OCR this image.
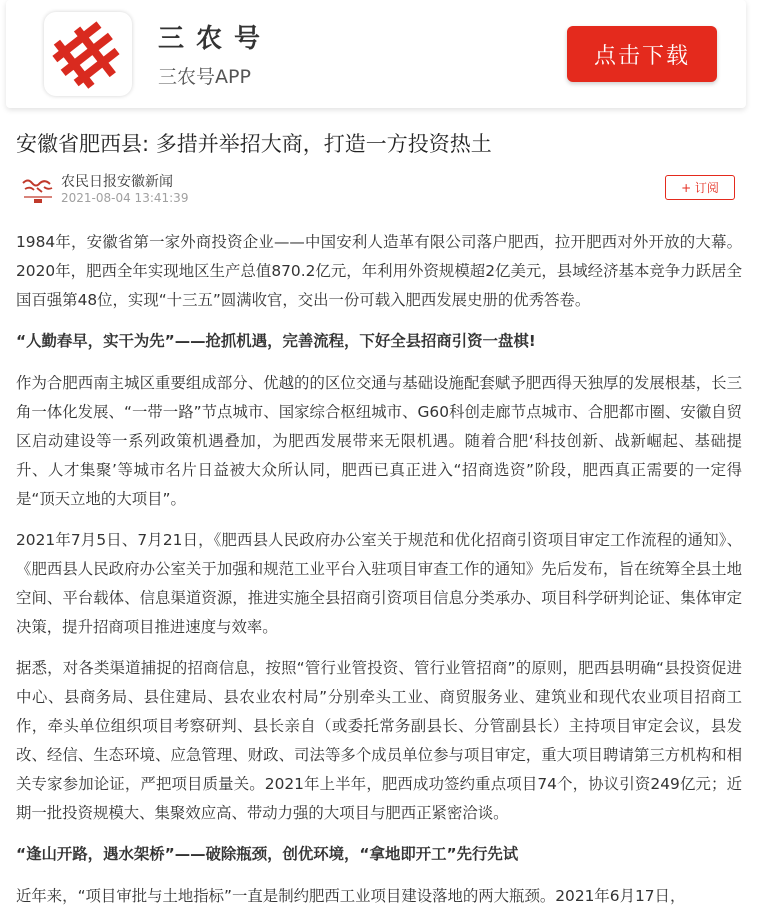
三农号
三农号APP
点击下载
安徽省肥西县: 多措并举招大商，打造一方投资热土
农民日报安徽新闻
2021-08-04 13:41:39
+ 订阅

1984年，安徽省第一家外商投资企业——中国安利人造革有限公司落户肥西，拉开肥西对外开放的大幕。2020年，肥西全年实现地区生产总值870.2亿元，年利用外资规模超2亿美元，县域经济基本竞争力跃居全国百强第48位，实现“十三五”圆满收官，交出一份可载入肥西发展史册的优秀答卷。

“人勤春早，实干为先”——抢抓机遇，完善流程，下好全县招商引资一盘棋!

作为合肥西南主城区重要组成部分、优越的的区位交通与基础设施配套赋予肥西得天独厚的发展根基，长三角一体化发展、“一带一路”节点城市、国家综合枢纽城市、G60科创走廊节点城市、合肥都市圈、安徽自贸区启动建设等一系列政策机遇叠加，为肥西发展带来无限机遇。随着合肥‘科技创新、战新崛起、基础提升、人才集聚’等城市名片日益被大众所认同，肥西已真正进入“招商选资”阶段，肥西真正需要的一定得是“顶天立地的大项目”。

2021年7月5日、7月21日，《肥西县人民政府办公室关于规范和优化招商引资项目审定工作流程的通知》、《肥西县人民政府办公室关于加强和规范工业平台入驻项目审查工作的通知》先后发布，旨在统筹全县土地空间、平台载体、信息渠道资源，推进实施全县招商引资项目信息分类承办、项目科学研判论证、集体审定决策，提升招商项目推进速度与效率。

据悉，对各类渠道捕捉的招商信息，按照“管行业管投资、管行业管招商”的原则，肥西县明确“县投资促进中心、县商务局、县住建局、县农业农村局”分别牵头工业、商贸服务业、建筑业和现代农业项目招商工作，牵头单位组织项目考察研判、县长亲自（或委托常务副县长、分管副县长）主持项目审定会议，县发改、经信、生态环境、应急管理、财政、司法等多个成员单位参与项目审定，重大项目聘请第三方机构和相关专家参加论证，严把项目质量关。2021年上半年，肥西成功签约重点项目74个，协议引资249亿元；近期一批投资规模大、集聚效应高、带动力强的大项目与肥西正紧密洽谈。

“逢山开路，遇水架桥”——破除瓶颈，创优环境，“拿地即开工”先行先试

近年来，“项目审批与土地指标”一直是制约肥西工业项目建设落地的两大瓶颈。2021年6月17日，
